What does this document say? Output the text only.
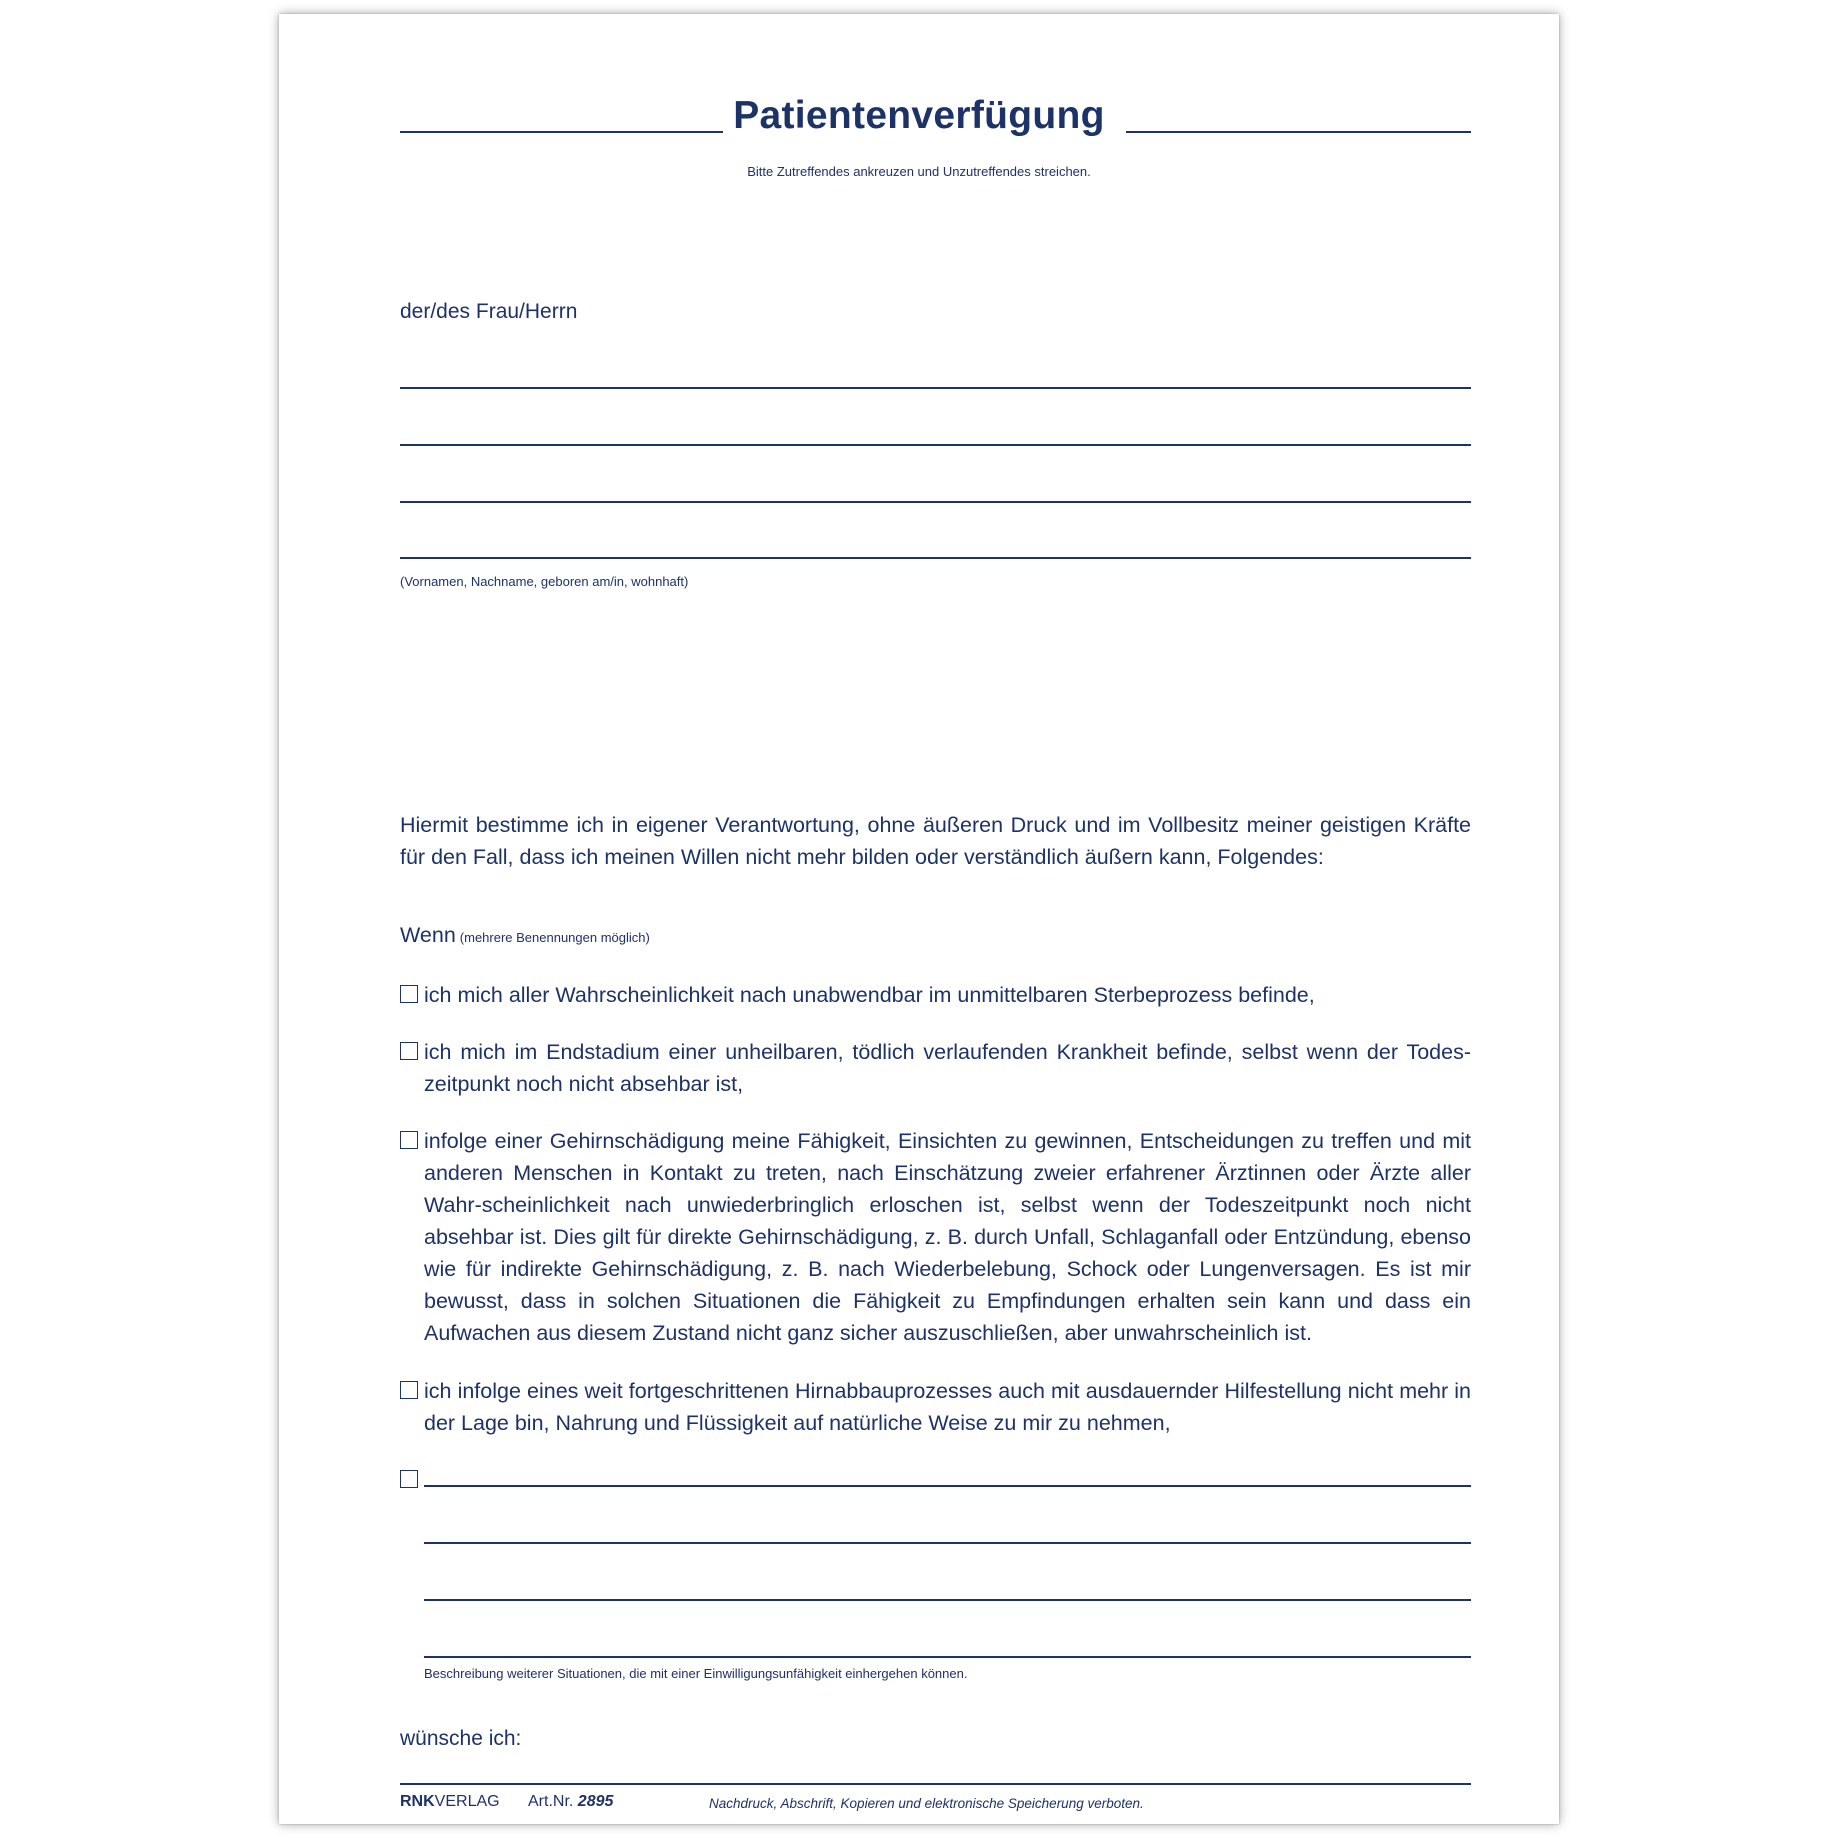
Patientenverfügung
Bitte Zutreffendes ankreuzen und Unzutreffendes streichen.
der/des Frau/Herrn
(Vornamen, Nachname, geboren am/in, wohnhaft)
Hiermit bestimme ich in eigener Verantwortung, ohne äußeren Druck und im Vollbesitz meiner geistigen Kräfte für den Fall, dass ich meinen Willen nicht mehr bilden oder verständlich äußern kann, Folgendes:
Wenn (mehrere Benennungen möglich)
ich mich aller Wahrscheinlichkeit nach unabwendbar im unmittelbaren Sterbeprozess befinde,
ich mich im Endstadium einer unheilbaren, tödlich verlaufenden Krankheit befinde, selbst wenn der Todes-zeitpunkt noch nicht absehbar ist,
infolge einer Gehirnschädigung meine Fähigkeit, Einsichten zu gewinnen, Entscheidungen zu treffen und mit anderen Menschen in Kontakt zu treten, nach Einschätzung zweier erfahrener Ärztinnen oder Ärzte aller Wahr-scheinlichkeit nach unwiederbringlich erloschen ist, selbst wenn der Todeszeitpunkt noch nicht absehbar ist. Dies gilt für direkte Gehirnschädigung, z. B. durch Unfall, Schlaganfall oder Entzündung, ebenso wie für indirekte Gehirnschädigung, z. B. nach Wiederbelebung, Schock oder Lungenversagen. Es ist mir bewusst, dass in solchen Situationen die Fähigkeit zu Empfindungen erhalten sein kann und dass ein Aufwachen aus diesem Zustand nicht ganz sicher auszuschließen, aber unwahrscheinlich ist.
ich infolge eines weit fortgeschrittenen Hirnabbauprozesses auch mit ausdauernder Hilfestellung nicht mehr in der Lage bin, Nahrung und Flüssigkeit auf natürliche Weise zu mir zu nehmen,
Beschreibung weiterer Situationen, die mit einer Einwilligungsunfähigkeit einhergehen können.
wünsche ich:
RNKVERLAG Art.Nr. 2895	Nachdruck, Abschrift, Kopieren und elektronische Speicherung verboten.
